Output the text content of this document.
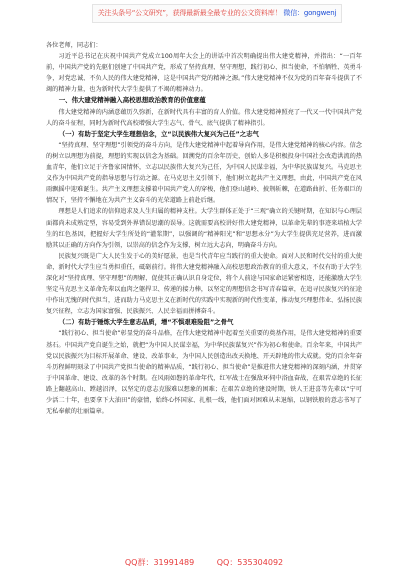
关注头条号“公文研究”，获得最新最全最专业的公文资料库！ 微信：gongwenj

各位老师，同志们：

习近平总书记在庆祝中国共产党成立100周年大会上的讲话中首次明确提出伟大建党精神，并指出：“一百年前，中国共产党的先驱们创建了中国共产党，形成了坚持真理、坚守理想，践行初心、担当使命，不怕牺牲、英勇斗争，对党忠诚、不负人民的伟大建党精神，这是中国共产党的精神之源。”伟大建党精神不仅为党的百年奋斗提供了不竭的精神力量，也为新时代大学生提供了不竭的精神动力。

一、伟大建党精神融入高校思想政治教育的价值意蕴

伟大建党精神的内涵意蕴历久弥新，在新时代具有丰富的育人价值。伟大建党精神照亮了一代又一代中国共产党人的奋斗征程，同时为新时代高校增强大学生志气、骨气、底气提供了精神指引。

（一）有助于坚定大学生理想信念，立“以民族伟大复兴为己任”之志气

“坚持真理、坚守理想”引领党的奋斗方向，是伟大建党精神中起着导向作用，是伟大建党精神的核心内容。信念的树立以理想为前提，理想的实现以信念为基础。回溯党的百余年历史，创始人多是积极投身中国社会改造洪流的热血青年，他们立足于齐鲁家国情怀，立志以民族伟大复兴为己任，为中国人民谋幸福，为中华民族谋复兴。马克思主义作为中国共产党的指导思想与行动之源。在马克思主义引领下，他们树立起共产主义理想，由此，中国共产党在风雨飘摇中迎难诞生。共产主义理想支撑着中国共产党人的穿梭，他们登山越岭、披荆斩棘，在道路曲折、任务艰巨的情况下，坚持不懈地在为共产主义奋斗的光荣道路上前赴后继。

理想是人们追求的信仰追求及人生归属的精神支柱。大学生群体正处于“三观”确立的关键时期，在知识与心理层面都尚未成熟定型，容易受到外界错误思潮的误导。这就需要高校讲好伟大建党精神，以革命先辈的事迹来培植大学生的红色基因，把握好大学生所处的“灌浆期”，以强调的“精神阳光”和“思想永分”为大学生提供充足营养，进而激励其以正确的方向作为引领，以崇高的信念作为支撑，树立远大志向，明确奋斗方向。

民族复兴既是广大人民生发于心的美好愿景，也是当代青年应当践行的重大使命。面对人民和时代交付的重大使命，新时代大学生应当勇担重任，砥砺前行。将伟大建党精神融入高校思想政治教育的重大意义，不仅有助于大学生深化对“坚持真理、坚守理想”的理解，促使其正确认识自身定位，将个人前途与国家命运紧密相连，还能激励大学生坚定马克思主义革命先辈以血肉之躯捍卫、传递的接力棒，以坚定的理想信念书写青春篇章，在追寻民族复兴的征途中作出无愧的时代担当，进而助力马克思主义在新时代的实践中实现新的时代性变革，推动复兴理想伟业、弘扬民族复兴征程，立志为国家富强、民族振兴、人民幸福而拼搏奋斗。

（二）有助于锤炼大学生意志品质，增“不惧艰难险阻”之骨气

“践行初心、担当使命”彰显党的奋斗品格，在伟大建党精神中起着至关重要的奠基作用，是伟大建党精神的重要基石。中国共产党自诞生之始，就把“为中国人民谋幸福，为中华民族谋复兴”作为初心和使命。百余年来，中国共产党以民族振兴为目标开展革命、建设、改革事业，为中国人民创造出改天换地、开天辟地的伟大成就。党的百余年奋斗历程鲜明刻录了中国共产党担当使命的精神品质，“践行初心、担当使命”是推进伟大建党精神的深刻内涵，并贯穿于中国革命、建设、改革的各个时期。在风雨如磐的革命年代，红军战士在强敌环伺中浴血奋战，在艰苦卓绝的长征路上翻越高山、蹚越沼泽，以坚定的意志克服难以想象的困难；在艰苦卓绝的建设时期，铁人王进喜等先辈以“宁可少活二十年，也要拿下大油田”的豪情，始终心怀国家、扎根一线，他们面对困难从未退缩，以钢铁般的意志书写了无私奉献的壮丽篇章。

QQ群：31991489	QQ：535304092
